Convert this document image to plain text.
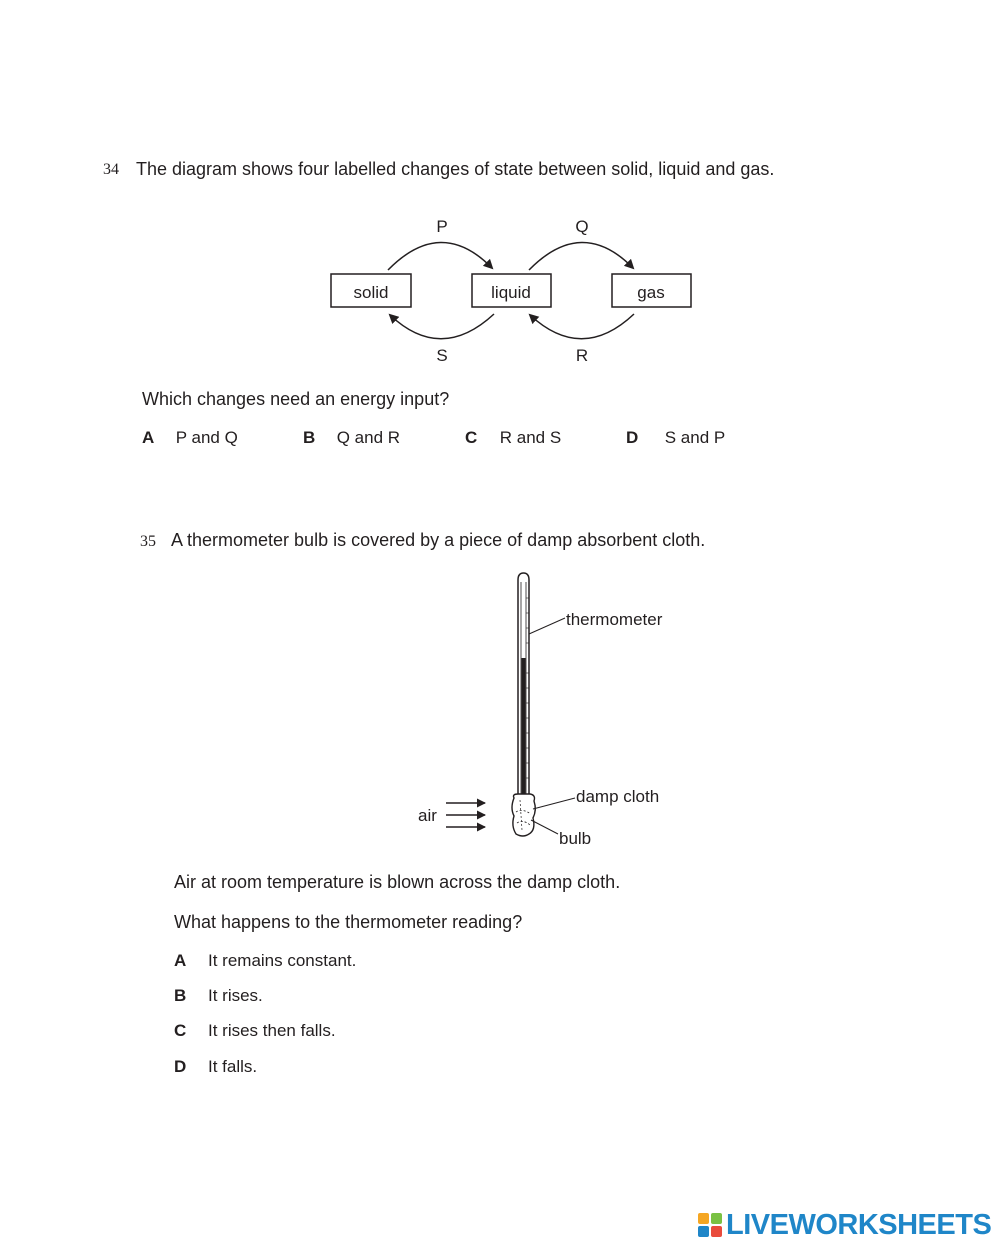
34 The diagram shows four labelled changes of state between solid, liquid and gas.
solid	liquid	gas
P	Q
R
S
Which changes need an energy input?
A P and Q	B Q and R	C R and S	D S and P
35 A thermometer bulb is covered by a piece of damp absorbent cloth.
thermometer
damp cloth
bulb
air
Air at room temperature is blown across the damp cloth.
What happens to the thermometer reading?
A It remains constant.
B It rises.
C It rises then falls.
D It falls.
LIVEWORKSHEETS
